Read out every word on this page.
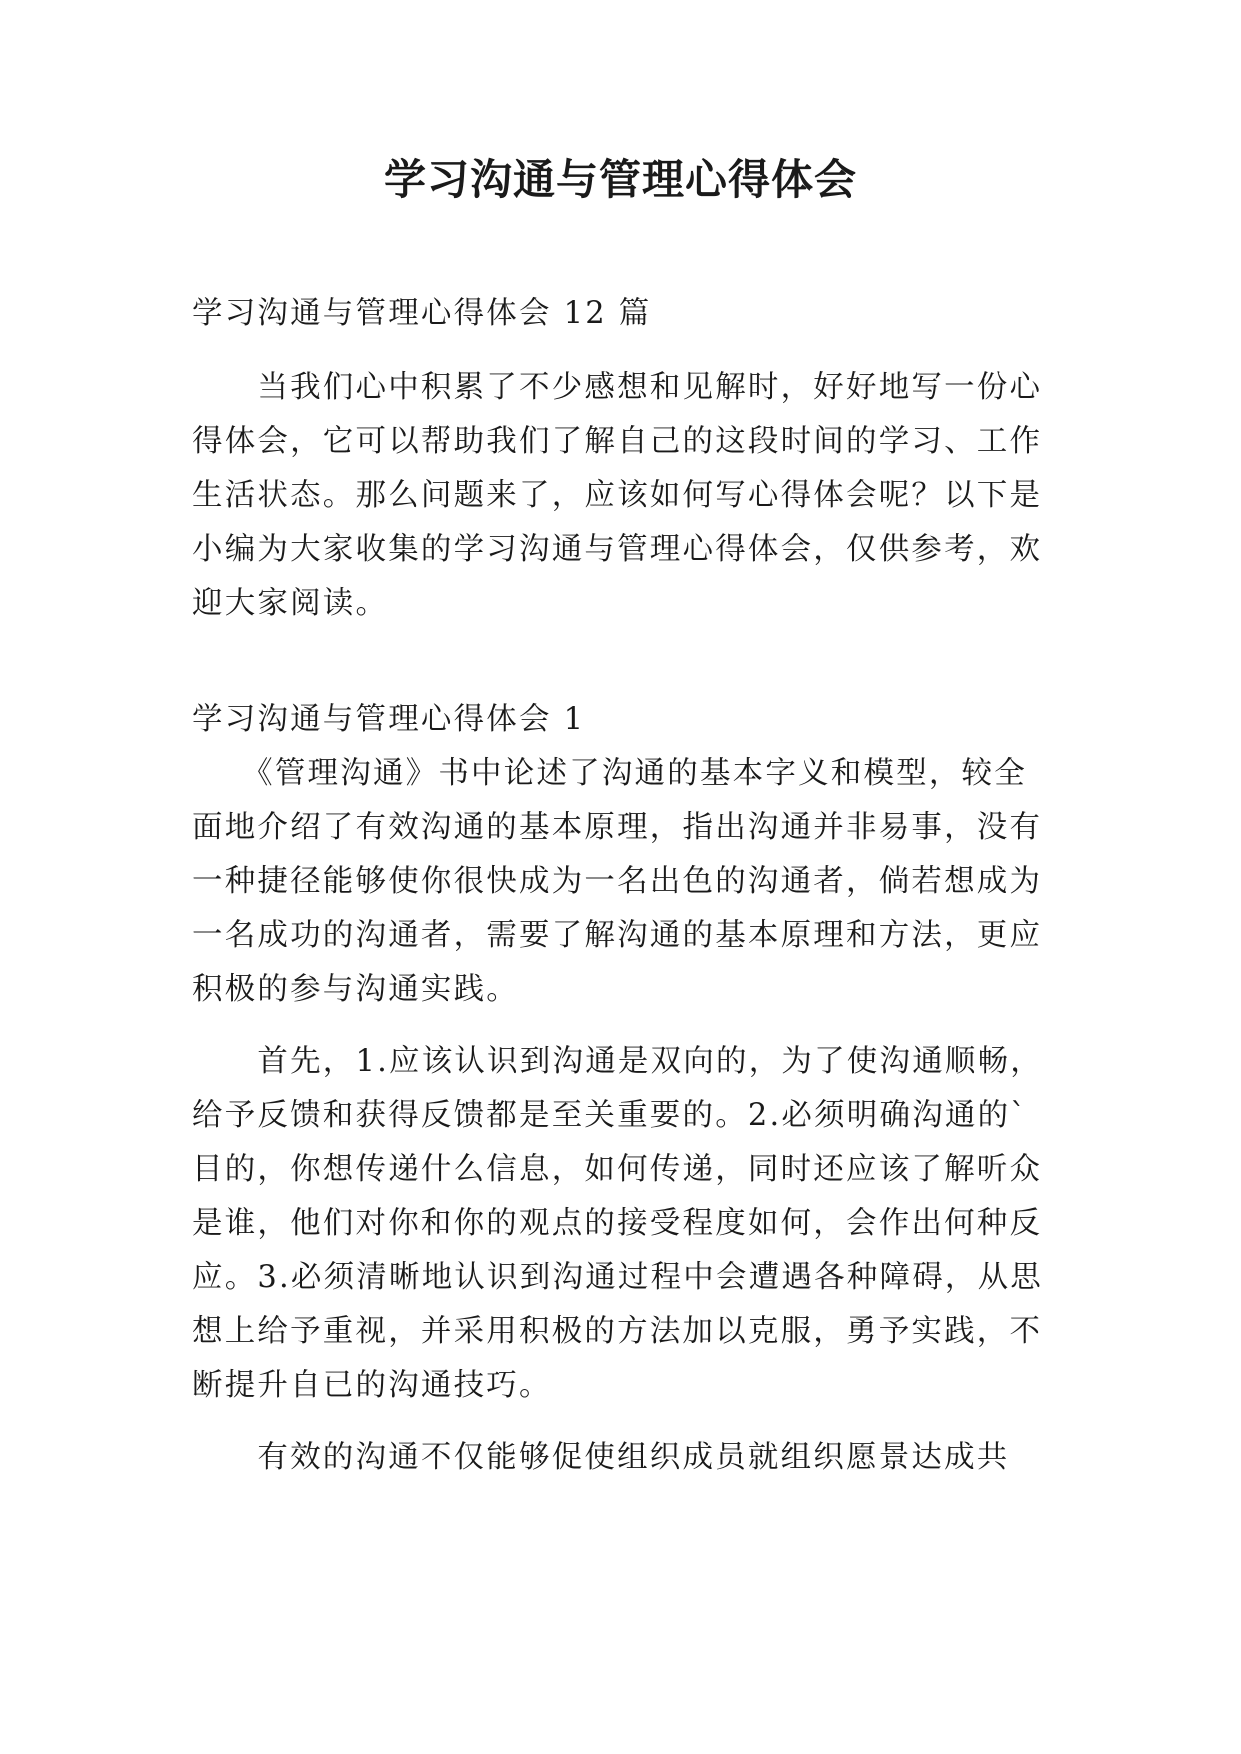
学习沟通与管理心得体会
学习沟通与管理心得体会 12 篇
　　当我们心中积累了不少感想和见解时，好好地写一份心
得体会，它可以帮助我们了解自己的这段时间的学习、工作
生活状态。那么问题来了，应该如何写心得体会呢？以下是
小编为大家收集的学习沟通与管理心得体会，仅供参考，欢
迎大家阅读。
学习沟通与管理心得体会 1
　　《管理沟通》书中论述了沟通的基本字义和模型，较全
面地介绍了有效沟通的基本原理，指出沟通并非易事，没有
一种捷径能够使你很快成为一名出色的沟通者，倘若想成为
一名成功的沟通者，需要了解沟通的基本原理和方法，更应
积极的参与沟通实践。
　　首先，1.应该认识到沟通是双向的，为了使沟通顺畅，
给予反馈和获得反馈都是至关重要的。2.必须明确沟通的`
目的，你想传递什么信息，如何传递，同时还应该了解听众
是谁，他们对你和你的观点的接受程度如何，会作出何种反
应。3.必须清晰地认识到沟通过程中会遭遇各种障碍，从思
想上给予重视，并采用积极的方法加以克服，勇予实践，不
断提升自已的沟通技巧。
　　有效的沟通不仅能够促使组织成员就组织愿景达成共
